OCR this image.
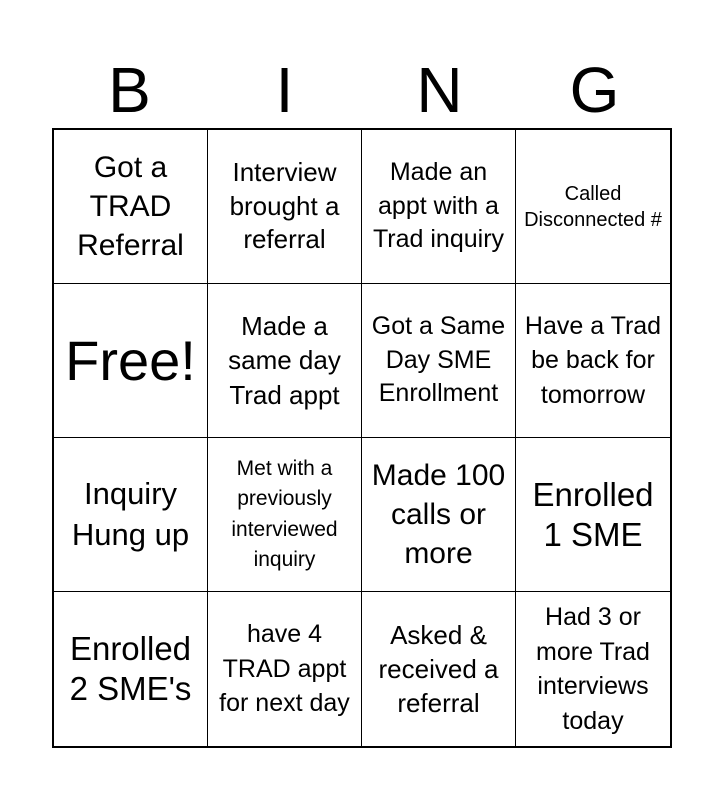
B	I	N	G
Got a TRAD Referral
Interview brought a referral
Made an appt with a Trad inquiry
Called Disconnected #
Free!
Made a same day Trad appt
Got a Same Day SME Enrollment
Have a Trad be back for tomorrow
Inquiry Hung up
Met with a previously interviewed inquiry
Made 100 calls or more
Enrolled 1 SME
Enrolled 2 SME's
have 4 TRAD appt for next day
Asked & received a referral
Had 3 or more Trad interviews today
